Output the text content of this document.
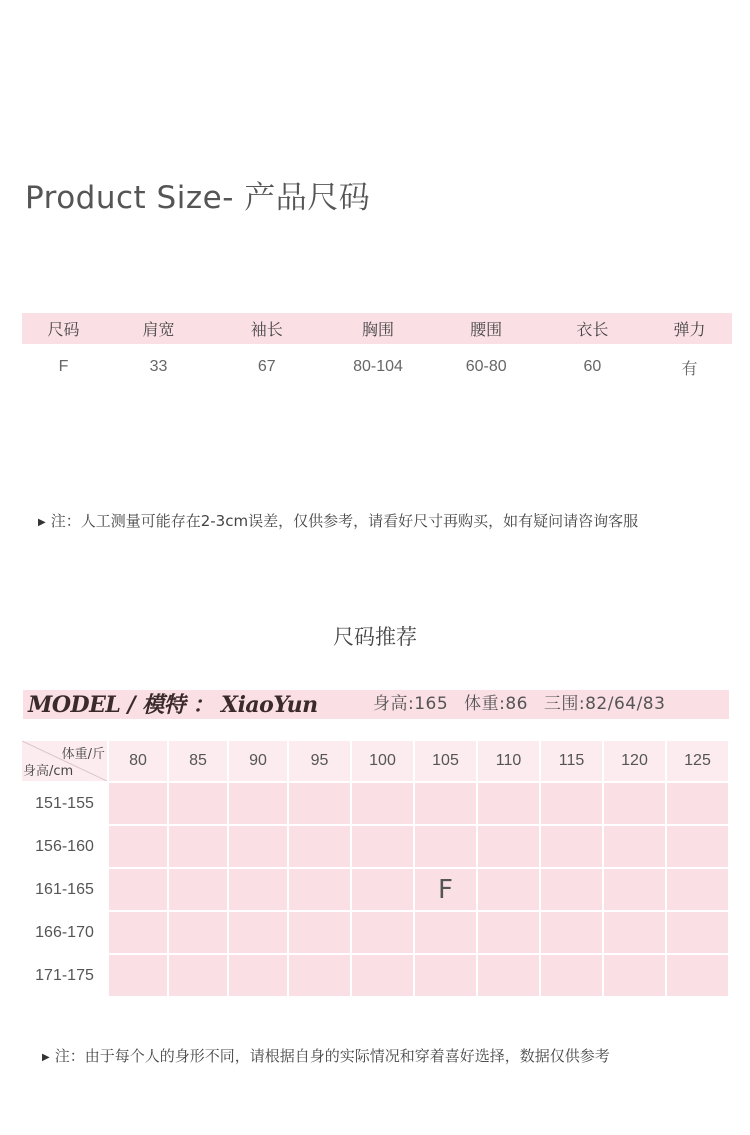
Product Size- 产品尺码
尺码	肩宽	袖长	胸围	腰围	衣长	弹力
F	33	67	80-104	60-80	60	有
▶ 注：人工测量可能存在2-3cm误差，仅供参考，请看好尺寸再购买，如有疑问请咨询客服
尺码推荐
MODEL / 模特 ： XiaoYun	身高:165 体重:86 三围:82/64/83
体重/斤
身高/cm	80	85	90	95	100	105	110	115	120	125
151-155										
156-160										
161-165						F				
166-170										
171-175										
▶ 注：由于每个人的身形不同，请根据自身的实际情况和穿着喜好选择，数据仅供参考
